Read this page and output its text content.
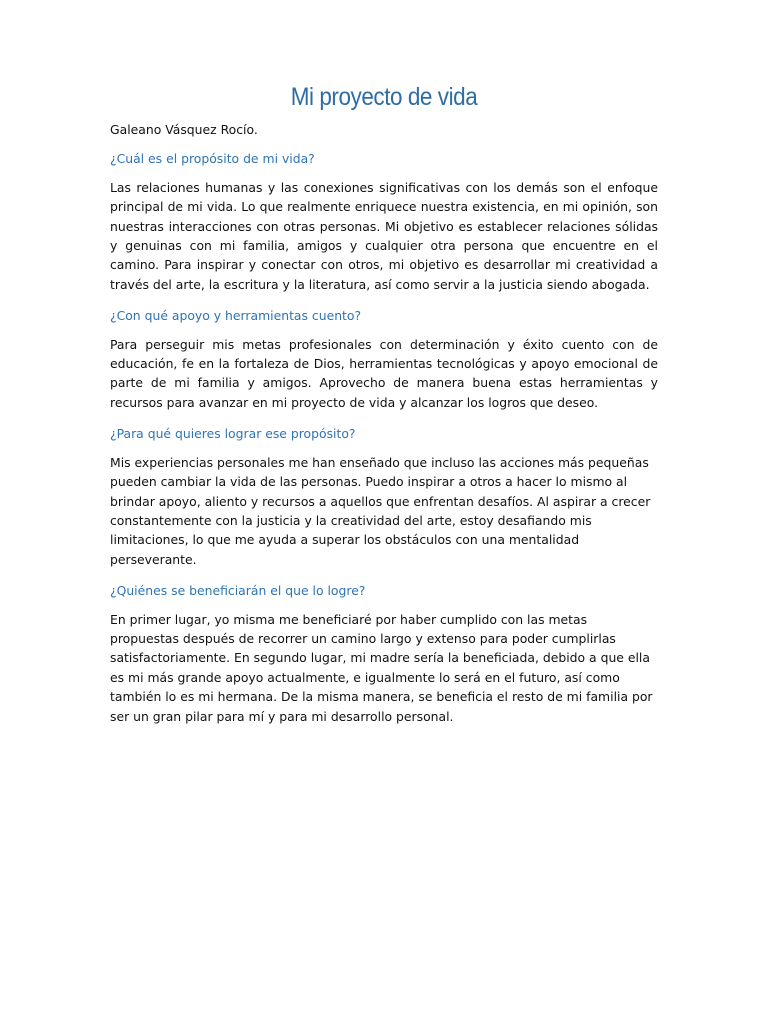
Mi proyecto de vida

Galeano Vásquez Rocío.

¿Cuál es el propósito de mi vida?

Las relaciones humanas y las conexiones significativas con los demás son el enfoque principal de mi vida. Lo que realmente enriquece nuestra existencia, en mi opinión, son nuestras interacciones con otras personas. Mi objetivo es establecer relaciones sólidas y genuinas con mi familia, amigos y cualquier otra persona que encuentre en el camino. Para inspirar y conectar con otros, mi objetivo es desarrollar mi creatividad a través del arte, la escritura y la literatura, así como servir a la justicia siendo abogada.

¿Con qué apoyo y herramientas cuento?

Para perseguir mis metas profesionales con determinación y éxito cuento con de educación, fe en la fortaleza de Dios, herramientas tecnológicas y apoyo emocional de parte de mi familia y amigos. Aprovecho de manera buena estas herramientas y recursos para avanzar en mi proyecto de vida y alcanzar los logros que deseo.

¿Para qué quieres lograr ese propósito?

Mis experiencias personales me han enseñado que incluso las acciones más pequeñas pueden cambiar la vida de las personas. Puedo inspirar a otros a hacer lo mismo al brindar apoyo, aliento y recursos a aquellos que enfrentan desafíos. Al aspirar a crecer constantemente con la justicia y la creatividad del arte, estoy desafiando mis limitaciones, lo que me ayuda a superar los obstáculos con una mentalidad perseverante.

¿Quiénes se beneficiarán el que lo logre?

En primer lugar, yo misma me beneficiaré por haber cumplido con las metas propuestas después de recorrer un camino largo y extenso para poder cumplirlas satisfactoriamente. En segundo lugar, mi madre sería la beneficiada, debido a que ella es mi más grande apoyo actualmente, e igualmente lo será en el futuro, así como también lo es mi hermana. De la misma manera, se beneficia el resto de mi familia por ser un gran pilar para mí y para mi desarrollo personal.
